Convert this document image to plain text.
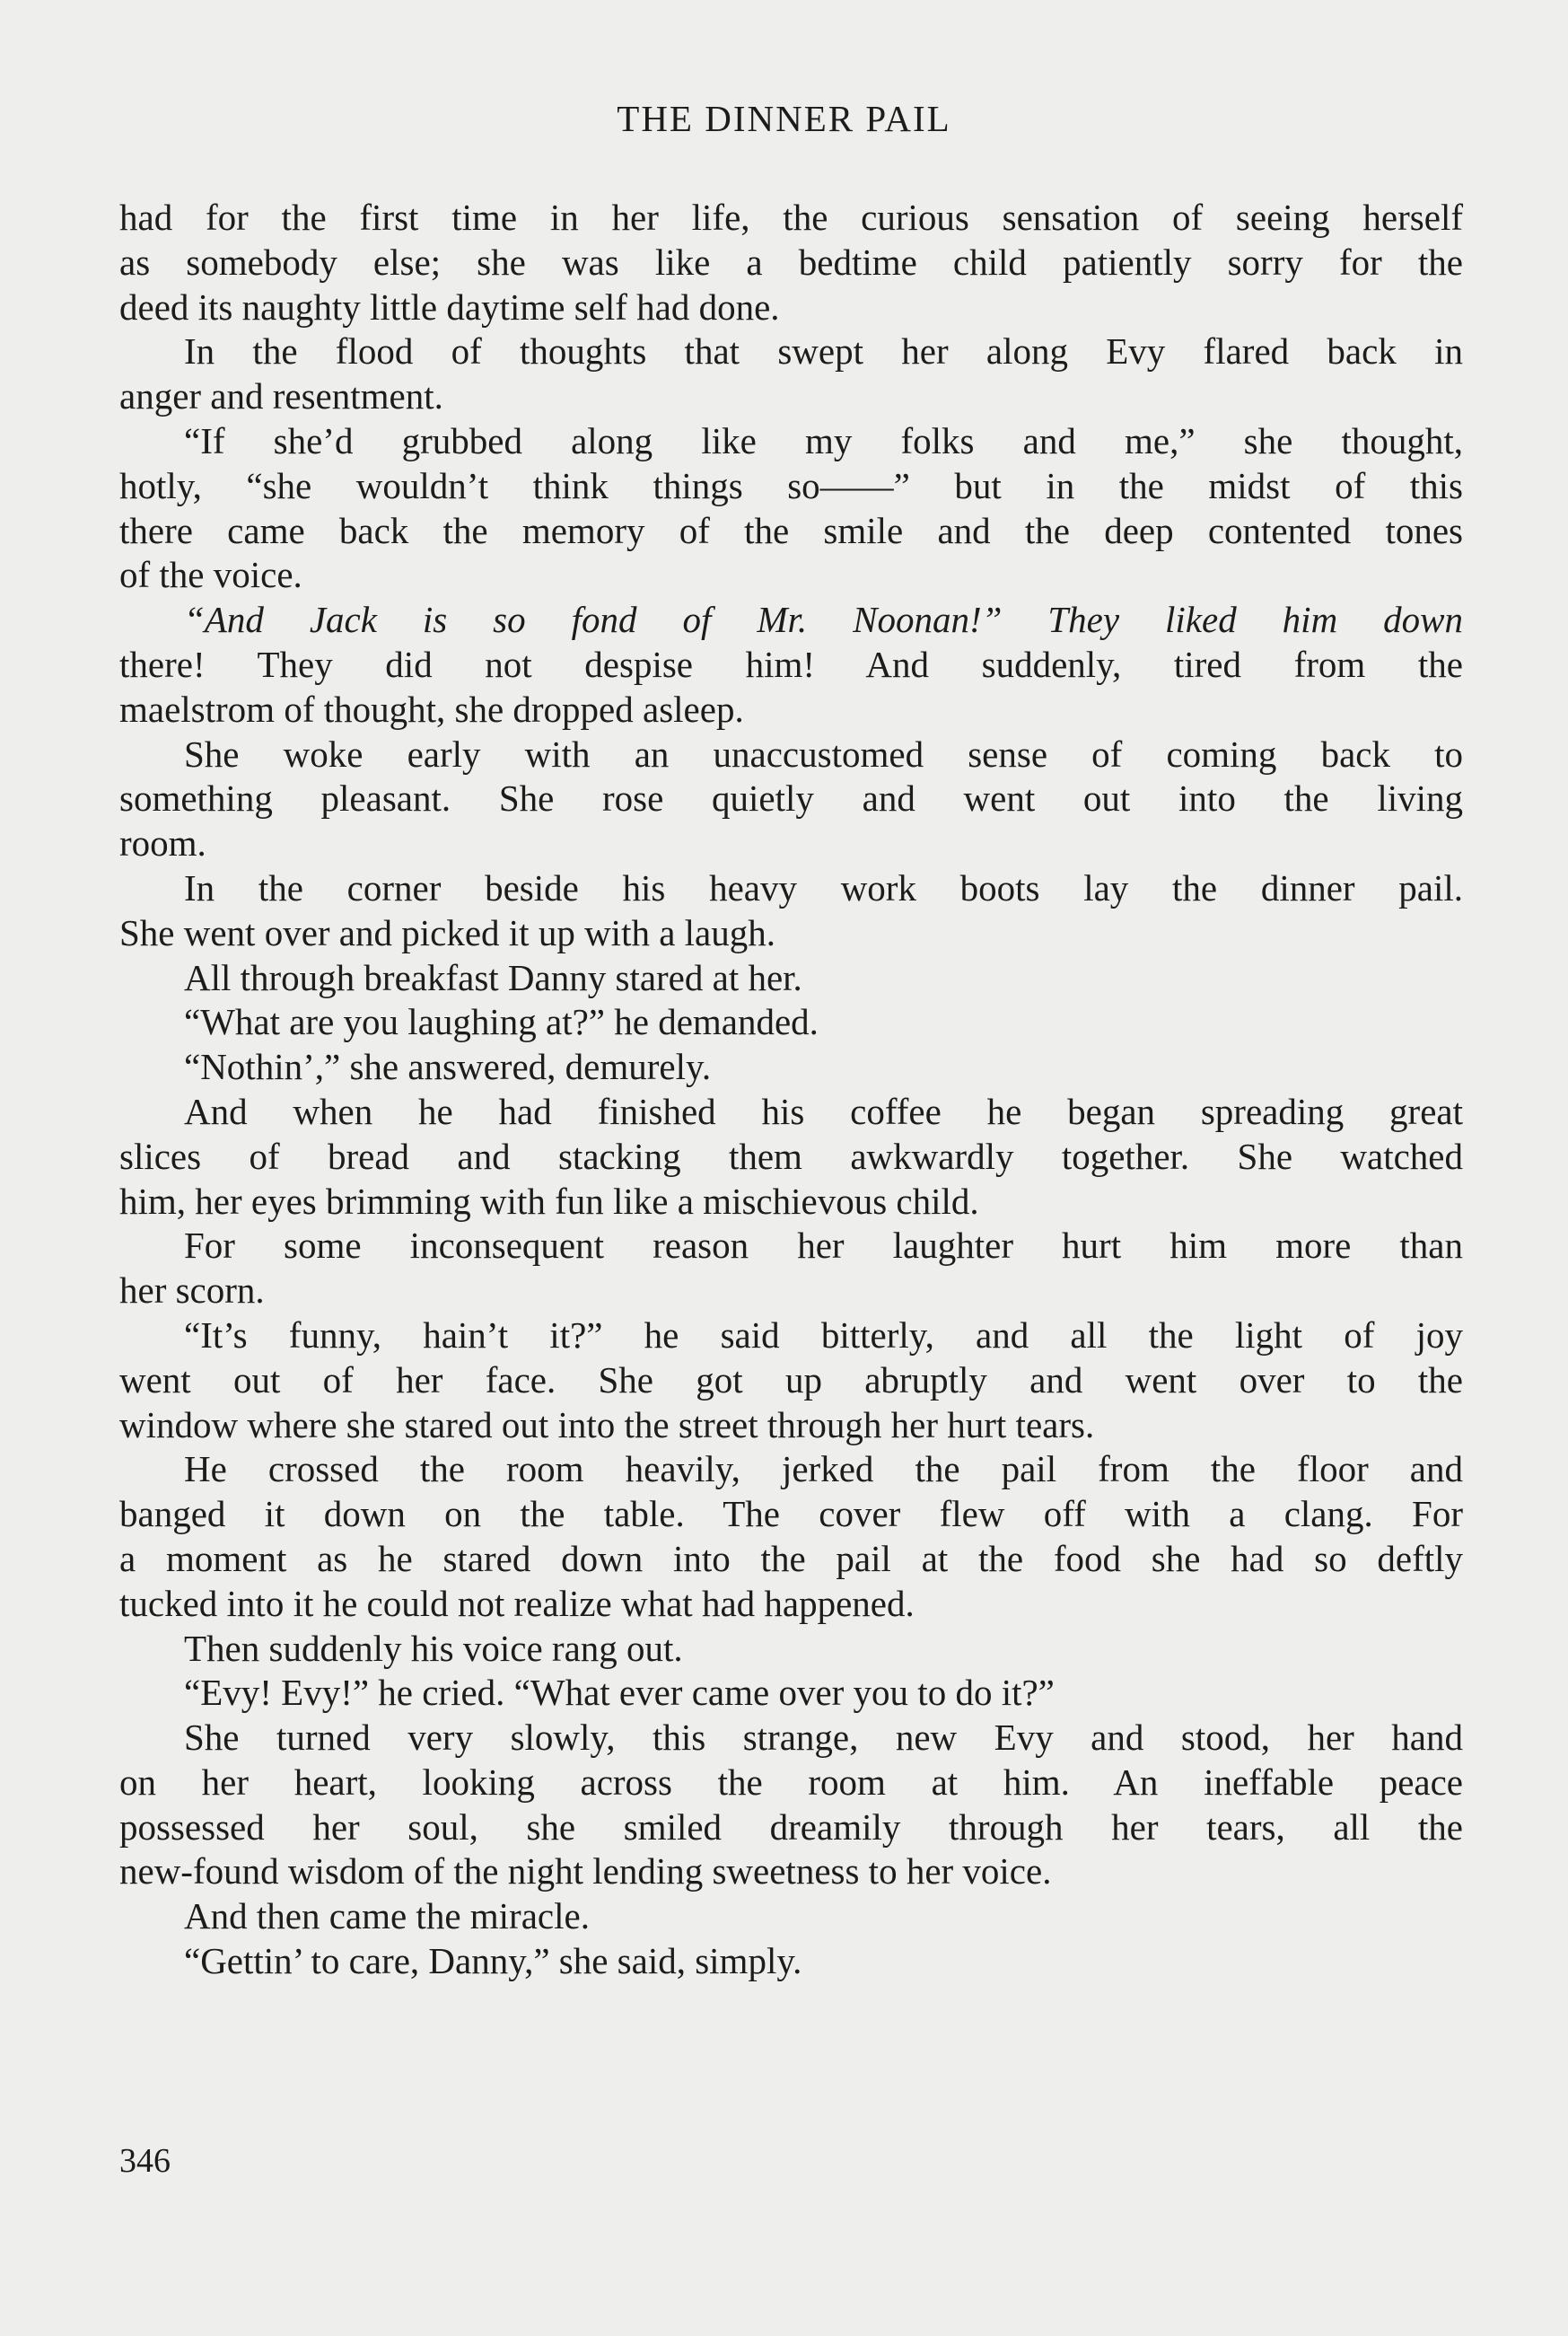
THE DINNER PAIL
had for the first time in her life, the curious sensation of seeing herself
as somebody else; she was like a bedtime child patiently sorry for the
deed its naughty little daytime self had done.
In the flood of thoughts that swept her along Evy flared back in
anger and resentment.
“If she’d grubbed along like my folks and me,” she thought,
hotly, “she wouldn’t think things so——” but in the midst of this
there came back the memory of the smile and the deep contented tones
of the voice.
“And Jack is so fond of Mr. Noonan!” They liked him down
there! They did not despise him! And suddenly, tired from the
maelstrom of thought, she dropped asleep.
She woke early with an unaccustomed sense of coming back to
something pleasant. She rose quietly and went out into the living
room.
In the corner beside his heavy work boots lay the dinner pail.
She went over and picked it up with a laugh.
All through breakfast Danny stared at her.
“What are you laughing at?” he demanded.
“Nothin’,” she answered, demurely.
And when he had finished his coffee he began spreading great
slices of bread and stacking them awkwardly together. She watched
him, her eyes brimming with fun like a mischievous child.
For some inconsequent reason her laughter hurt him more than
her scorn.
“It’s funny, hain’t it?” he said bitterly, and all the light of joy
went out of her face. She got up abruptly and went over to the
window where she stared out into the street through her hurt tears.
He crossed the room heavily, jerked the pail from the floor and
banged it down on the table. The cover flew off with a clang. For
a moment as he stared down into the pail at the food she had so deftly
tucked into it he could not realize what had happened.
Then suddenly his voice rang out.
“Evy! Evy!” he cried. “What ever came over you to do it?”
She turned very slowly, this strange, new Evy and stood, her hand
on her heart, looking across the room at him. An ineffable peace
possessed her soul, she smiled dreamily through her tears, all the
new-found wisdom of the night lending sweetness to her voice.
And then came the miracle.
“Gettin’ to care, Danny,” she said, simply.
346
